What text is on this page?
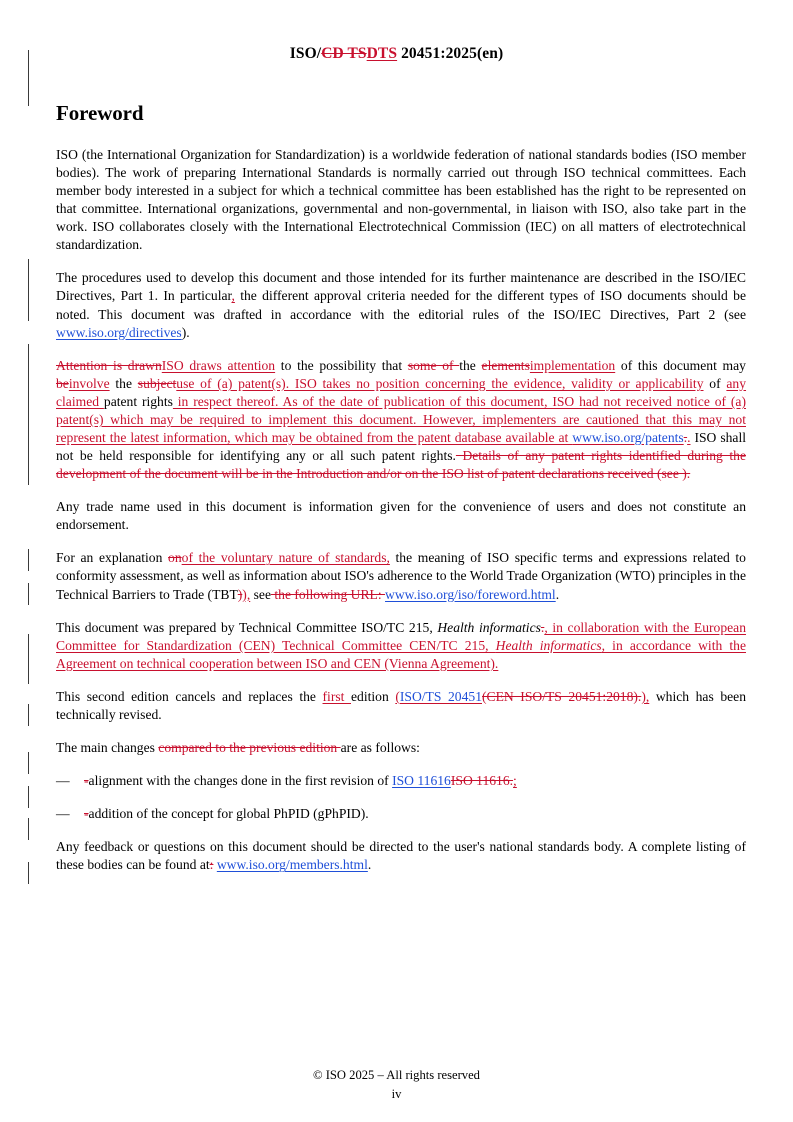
ISO/CD TSDTS 20451:2025(en)
Foreword

ISO (the International Organization for Standardization) is a worldwide federation of national standards bodies (ISO member bodies). The work of preparing International Standards is normally carried out through ISO technical committees. Each member body interested in a subject for which a technical committee has been established has the right to be represented on that committee. International organizations, governmental and non-governmental, in liaison with ISO, also take part in the work. ISO collaborates closely with the International Electrotechnical Commission (IEC) on all matters of electrotechnical standardization.

The procedures used to develop this document and those intended for its further maintenance are described in the ISO/IEC Directives, Part 1. In particular, the different approval criteria needed for the different types of ISO documents should be noted. This document was drafted in accordance with the editorial rules of the ISO/IEC Directives, Part 2 (see www.iso.org/directives).

Attention is drawnISO draws attention to the possibility that some of the elementsimplementation of this document may beinvolve the subjectuse of (a) patent(s). ISO takes no position concerning the evidence, validity or applicability of any claimed patent rights in respect thereof. As of the date of publication of this document, ISO had not received notice of (a) patent(s) which may be required to implement this document. However, implementers are cautioned that this may not represent the latest information, which may be obtained from the patent database available at www.iso.org/patents.. ISO shall not be held responsible for identifying any or all such patent rights. Details of any patent rights identified during the development of the document will be in the Introduction and/or on the ISO list of patent declarations received (see ).

Any trade name used in this document is information given for the convenience of users and does not constitute an endorsement.

For an explanation onof the voluntary nature of standards, the meaning of ISO specific terms and expressions related to conformity assessment, as well as information about ISO's adherence to the World Trade Organization (WTO) principles in the Technical Barriers to Trade (TBT)), see the following URL: www.iso.org/iso/foreword.html.

This document was prepared by Technical Committee ISO/TC 215, Health informatics., in collaboration with the European Committee for Standardization (CEN) Technical Committee CEN/TC 215, Health informatics, in accordance with the Agreement on technical cooperation between ISO and CEN (Vienna Agreement).

This second edition cancels and replaces the first edition (ISO/TS 20451(CEN ISO/TS 20451:2018).), which has been technically revised.

The main changes compared to the previous edition are as follows:

— -alignment with the changes done in the first revision of ISO 11616ISO 11616.;
— -addition of the concept for global PhPID (gPhPID).

Any feedback or questions on this document should be directed to the user's national standards body. A complete listing of these bodies can be found at: www.iso.org/members.html.

© ISO 2025 – All rights reserved
iv
